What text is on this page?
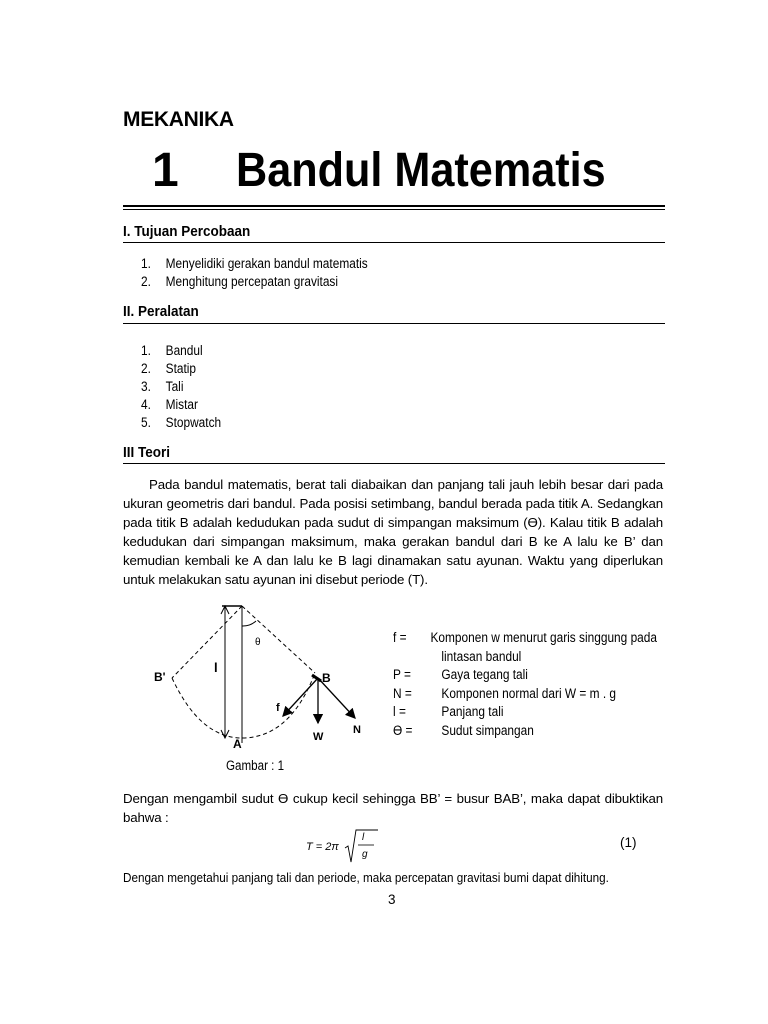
MEKANIKA
1 Bandul Matematis
I. Tujuan Percobaan
1. Menyelidiki gerakan bandul matematis
2. Menghitung percepatan gravitasi
II. Peralatan
1. Bandul
2. Statip
3. Tali
4. Mistar
5. Stopwatch
III Teori
Pada bandul matematis, berat tali diabaikan dan panjang tali jauh lebih besar dari pada ukuran geometris dari bandul. Pada posisi setimbang, bandul berada pada titik A. Sedangkan pada titik B adalah kedudukan pada sudut di simpangan maksimum (ϴ). Kalau titik B adalah kedudukan dari simpangan maksimum, maka gerakan bandul dari B ke A lalu ke B’ dan kemudian kembali ke A dan lalu ke B lagi dinamakan satu ayunan. Waktu yang diperlukan untuk melakukan satu ayunan ini disebut periode (T).
θ
l
B'	B
A
f
W
N
f =	Komponen w menurut garis singgung pada
lintasan bandul
P =	Gaya tegang tali
N =	Komponen normal dari W = m . g
l =	Panjang tali
ϴ =	Sudut simpangan
Gambar : 1
Dengan mengambil sudut ϴ cukup kecil sehingga BB’ = busur BAB’, maka dapat dibuktikan bahwa :
T = 2π
l
g
(1)
Dengan mengetahui panjang tali dan periode, maka percepatan gravitasi bumi dapat dihitung.
3
